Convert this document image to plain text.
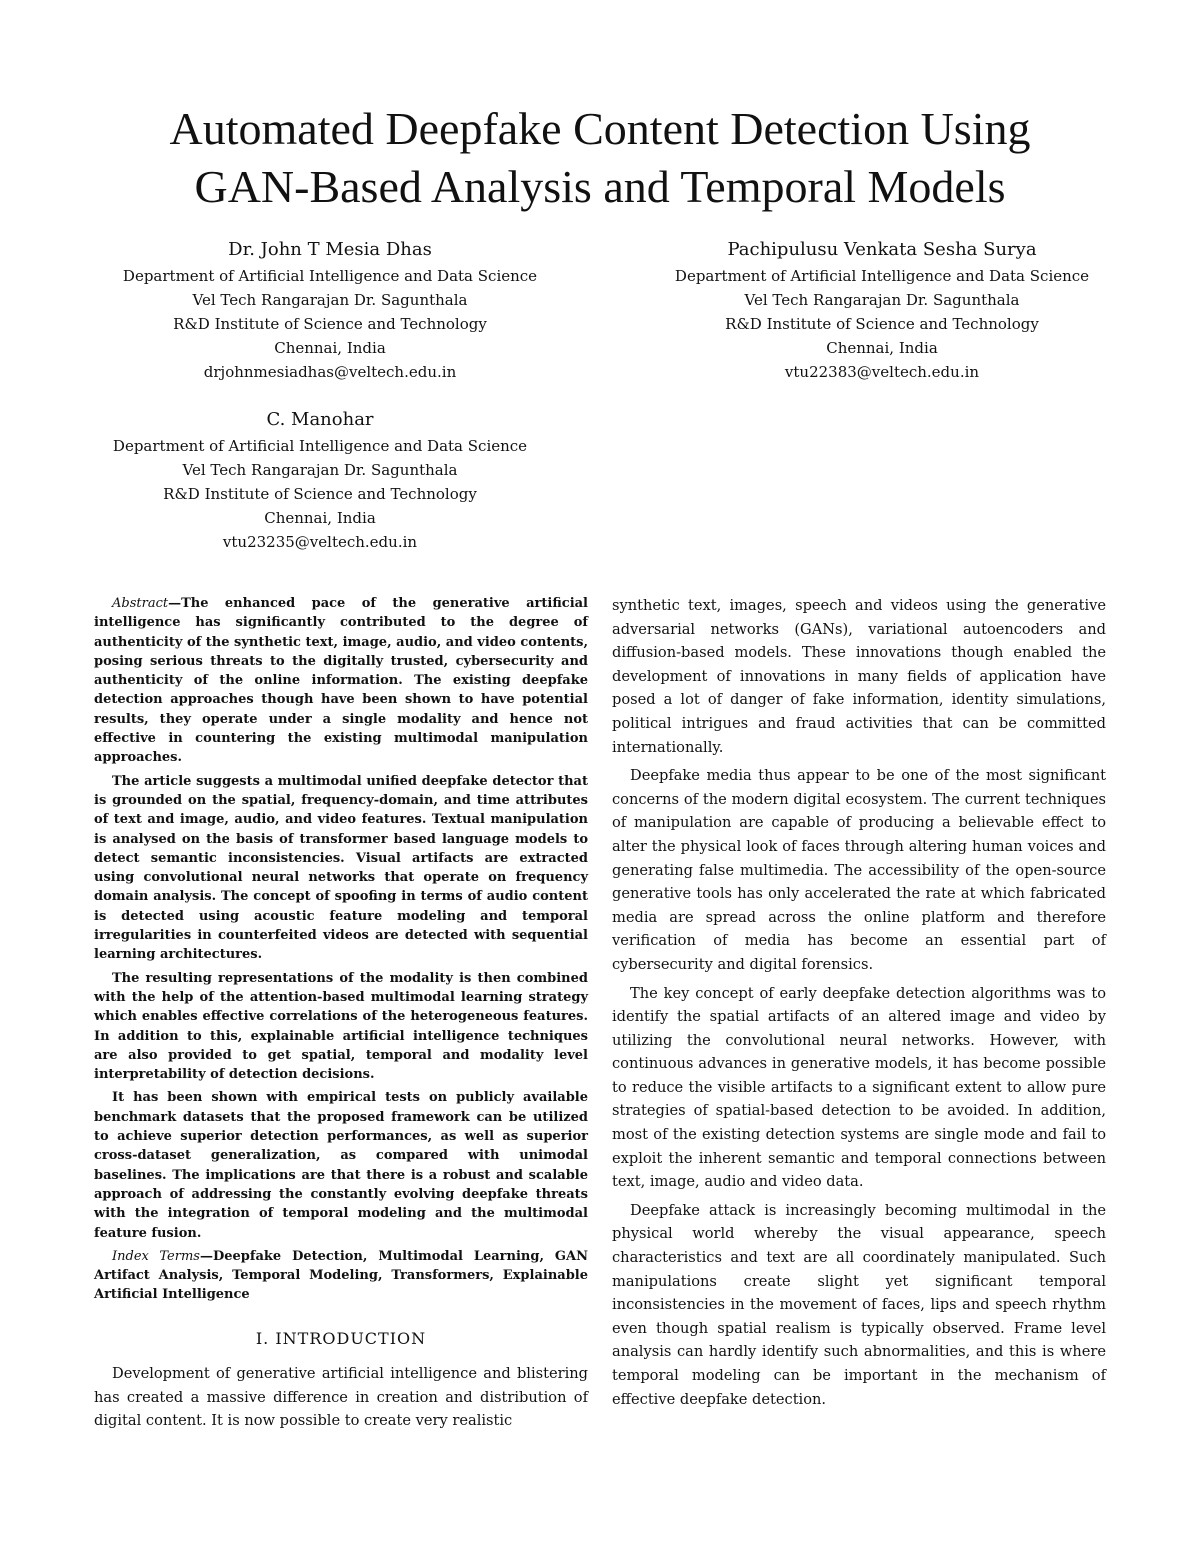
Automated Deepfake Content Detection Using
GAN-Based Analysis and Temporal Models
Dr. John T Mesia Dhas
Department of Artificial Intelligence and Data Science
Vel Tech Rangarajan Dr. Sagunthala
R&D Institute of Science and Technology
Chennai, India
drjohnmesiadhas@veltech.edu.in
Pachipulusu Venkata Sesha Surya
Department of Artificial Intelligence and Data Science
Vel Tech Rangarajan Dr. Sagunthala
R&D Institute of Science and Technology
Chennai, India
vtu22383@veltech.edu.in
C. Manohar
Department of Artificial Intelligence and Data Science
Vel Tech Rangarajan Dr. Sagunthala
R&D Institute of Science and Technology
Chennai, India
vtu23235@veltech.edu.in

Abstract—The enhanced pace of the generative artificial intelligence has significantly contributed to the degree of authenticity of the synthetic text, image, audio, and video contents, posing serious threats to the digitally trusted, cybersecurity and authenticity of the online information. The existing deepfake detection approaches though have been shown to have potential results, they operate under a single modality and hence not effective in countering the existing multimodal manipulation approaches.

The article suggests a multimodal unified deepfake detector that is grounded on the spatial, frequency-domain, and time attributes of text and image, audio, and video features. Textual manipulation is analysed on the basis of transformer based language models to detect semantic inconsistencies. Visual artifacts are extracted using convolutional neural networks that operate on frequency domain analysis. The concept of spoofing in terms of audio content is detected using acoustic feature modeling and temporal irregularities in counterfeited videos are detected with sequential learning architectures.

The resulting representations of the modality is then combined with the help of the attention-based multimodal learning strategy which enables effective correlations of the heterogeneous features. In addition to this, explainable artificial intelligence techniques are also provided to get spatial, temporal and modality level interpretability of detection decisions.

It has been shown with empirical tests on publicly available benchmark datasets that the proposed framework can be utilized to achieve superior detection performances, as well as superior cross-dataset generalization, as compared with unimodal baselines. The implications are that there is a robust and scalable approach of addressing the constantly evolving deepfake threats with the integration of temporal modeling and the multimodal feature fusion.

Index Terms—Deepfake Detection, Multimodal Learning, GAN Artifact Analysis, Temporal Modeling, Transformers, Explainable Artificial Intelligence

I. INTRODUCTION

Development of generative artificial intelligence and blistering has created a massive difference in creation and distribution of digital content. It is now possible to create very realistic

synthetic text, images, speech and videos using the generative adversarial networks (GANs), variational autoencoders and diffusion-based models. These innovations though enabled the development of innovations in many fields of application have posed a lot of danger of fake information, identity simulations, political intrigues and fraud activities that can be committed internationally.

Deepfake media thus appear to be one of the most significant concerns of the modern digital ecosystem. The current techniques of manipulation are capable of producing a believable effect to alter the physical look of faces through altering human voices and generating false multimedia. The accessibility of the open-source generative tools has only accelerated the rate at which fabricated media are spread across the online platform and therefore verification of media has become an essential part of cybersecurity and digital forensics.

The key concept of early deepfake detection algorithms was to identify the spatial artifacts of an altered image and video by utilizing the convolutional neural networks. However, with continuous advances in generative models, it has become possible to reduce the visible artifacts to a significant extent to allow pure strategies of spatial-based detection to be avoided. In addition, most of the existing detection systems are single mode and fail to exploit the inherent semantic and temporal connections between text, image, audio and video data.

Deepfake attack is increasingly becoming multimodal in the physical world whereby the visual appearance, speech characteristics and text are all coordinately manipulated. Such manipulations create slight yet significant temporal inconsistencies in the movement of faces, lips and speech rhythm even though spatial realism is typically observed. Frame level analysis can hardly identify such abnormalities, and this is where temporal modeling can be important in the mechanism of effective deepfake detection.
